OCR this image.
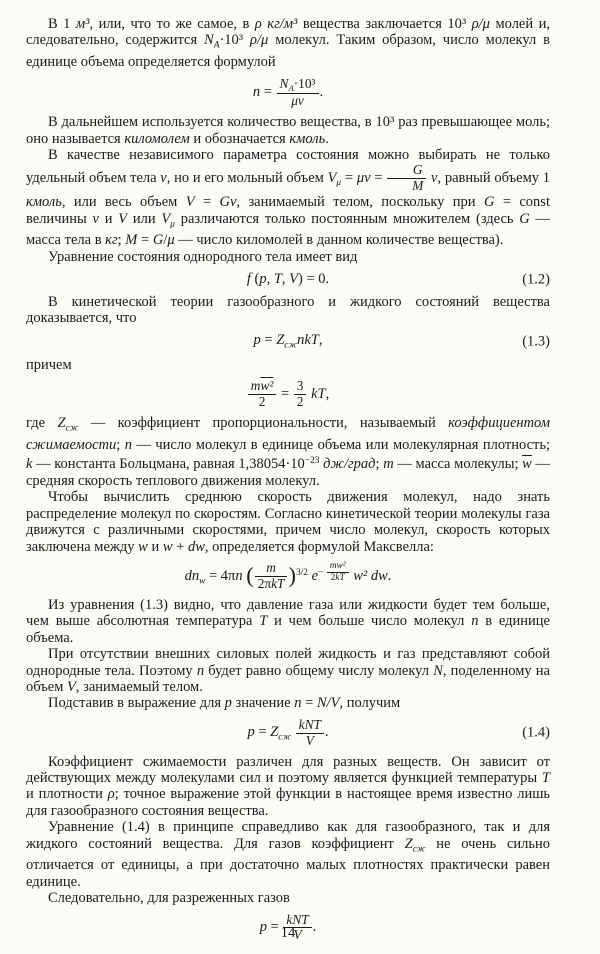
В 1 м³, или, что то же самое, в ρ кг/м³ вещества заключается 10³ ρ/μ молей и, следовательно, содержится $N_A\cdot 10^3$ ρ/μ молекул. Таким образом, число молекул в единице объема определяется формулой
$n = \frac{N_A\cdot 10^3}{\mu v}$ .
В дальнейшем используется количество вещества, в 10³ раз превышающее моль; оно называется киломолем и обозначается кмоль.
В качестве независимого параметра состояния можно выбирать не только удельный объем тела v, но и его мольный объем $V_\mu = \mu v = \frac{G}{M} v$, равный объему 1 кмоль, или весь объем V = Gv, занимаемый телом, поскольку при G = const величины v и V или $V_\mu$ различаются только постоянным множителем (здесь G — масса тела в кг; M = G/μ — число киломолей в данном количестве вещества).
Уравнение состояния однородного тела имеет вид
f (p, T, V) = 0.	(1.2)
В кинетической теории газообразного и жидкого состояний вещества доказывается, что
$p = Z_{сж}nkT$,	(1.3)
причем
$\frac{\text{mw²}}{2} = \frac{3}{2}$ kT,
где $Z_{сж}$ — коэффициент пропорциональности, называемый коэффициентом сжимаемости; n — число молекул в единице объема или молекулярная плотность; k — константа Больцмана, равная $1,38054\cdot 10^{-23}$ дж/град; m — масса молекулы; $\overline{w}$ — средняя скорость теплового движения молекул.
Чтобы вычислить среднюю скорость движения молекул, надо знать распределение молекул по скоростям. Согласно кинетической теории молекулы газа движутся с различными скоростями, причем число молекул, скорость которых заключена между w и w + dw, определяется формулой Максвелла:
$dn_w = 4\pi n$ ( $\frac{m}{\text{2πkT}} )^{3/2}$ $e^{- \frac{\text{mw²}}{2kT}}$ w² dw.
Из уравнения (1.3) видно, что давление газа или жидкости будет тем больше, чем выше абсолютная температура T и чем больше число молекул n в единице объема.
При отсутствии внешних силовых полей жидкость и газ представляют собой однородные тела. Поэтому n будет равно общему числу молекул N, поделенному на объем V, занимаемый телом.
Подставив в выражение для p значение n = N/V, получим
$p = Z_{сж} \frac{\text{kNT}}{V}$ .	(1.4)
Коэффициент сжимаемости различен для разных веществ. Он зависит от действующих между молекулами сил и поэтому является функцией температуры T и плотности ρ; точное выражение этой функции в настоящее время известно лишь для газообразного состояния вещества.
Уравнение (1.4) в принципе справедливо как для газообразного, так и для жидкого состояний вещества. Для газов коэффициент $Z_{сж}$ не очень сильно отличается от единицы, а при достаточно малых плотностях практически равен единице.
Следовательно, для разреженных газов
$p = \frac{\text{kNT}}{V}$ .
14
